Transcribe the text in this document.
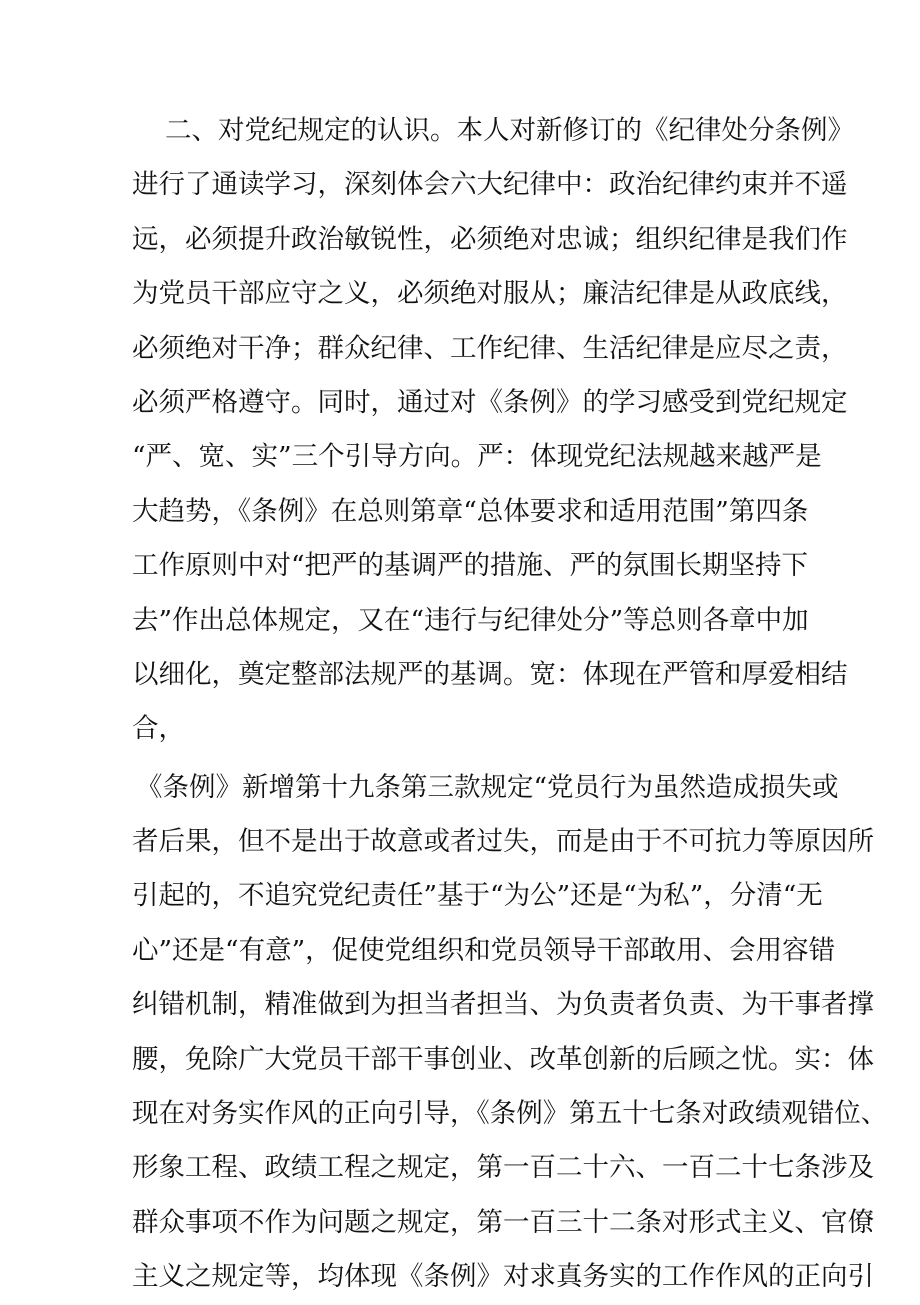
二、对党纪规定的认识。本人对新修订的《纪律处分条例》
进行了通读学习，深刻体会六大纪律中：政治纪律约束并不遥
远，必须提升政治敏锐性，必须绝对忠诚；组织纪律是我们作
为党员干部应守之义，必须绝对服从；廉洁纪律是从政底线，
必须绝对干净；群众纪律、工作纪律、生活纪律是应尽之责，
必须严格遵守。同时，通过对《条例》的学习感受到党纪规定
“严、宽、实”三个引导方向。严：体现党纪法规越来越严是
大趋势，《条例》在总则第章“总体要求和适用范围”第四条
工作原则中对“把严的基调严的措施、严的氛围长期坚持下
去”作出总体规定，又在“违行与纪律处分”等总则各章中加
以细化，奠定整部法规严的基调。宽：体现在严管和厚爱相结
合，
《条例》新增第十九条第三款规定“党员行为虽然造成损失或
者后果，但不是出于故意或者过失，而是由于不可抗力等原因所
引起的，不追究党纪责任”基于“为公”还是“为私”，分清“无
心”还是“有意”，促使党组织和党员领导干部敢用、会用容错
纠错机制，精准做到为担当者担当、为负责者负责、为干事者撑
腰，免除广大党员干部干事创业、改革创新的后顾之忧。实：体
现在对务实作风的正向引导，《条例》第五十七条对政绩观错位、
形象工程、政绩工程之规定，第一百二十六、一百二十七条涉及
群众事项不作为问题之规定，第一百三十二条对形式主义、官僚
主义之规定等，均体现《条例》对求真务实的工作作风的正向引
